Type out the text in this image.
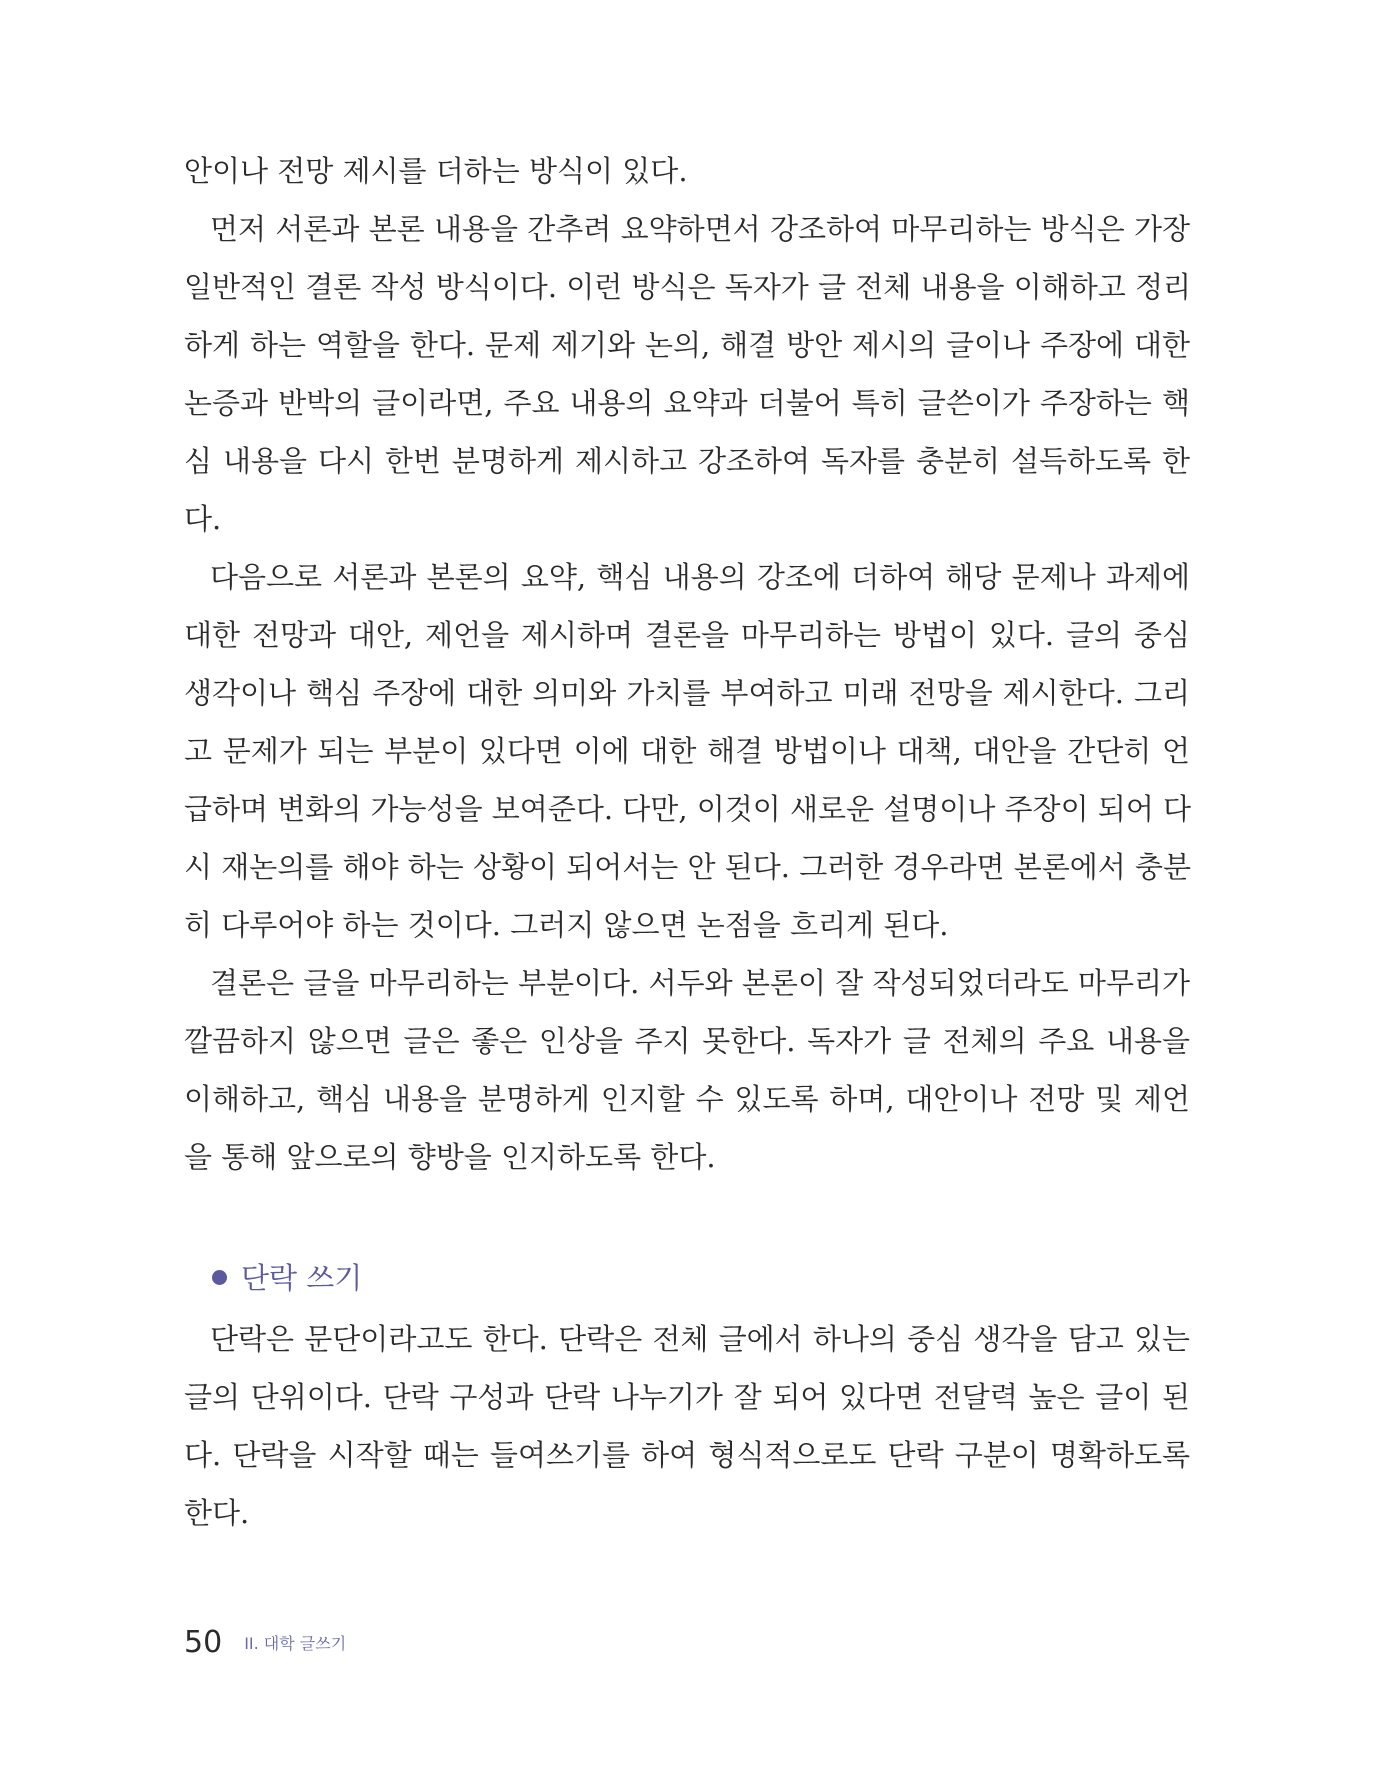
안이나 전망 제시를 더하는 방식이 있다.
먼저 서론과 본론 내용을 간추려 요약하면서 강조하여 마무리하는 방식은 가장
일반적인 결론 작성 방식이다. 이런 방식은 독자가 글 전체 내용을 이해하고 정리
하게 하는 역할을 한다. 문제 제기와 논의, 해결 방안 제시의 글이나 주장에 대한
논증과 반박의 글이라면, 주요 내용의 요약과 더불어 특히 글쓴이가 주장하는 핵
심 내용을 다시 한번 분명하게 제시하고 강조하여 독자를 충분히 설득하도록 한
다.
다음으로 서론과 본론의 요약, 핵심 내용의 강조에 더하여 해당 문제나 과제에
대한 전망과 대안, 제언을 제시하며 결론을 마무리하는 방법이 있다. 글의 중심
생각이나 핵심 주장에 대한 의미와 가치를 부여하고 미래 전망을 제시한다. 그리
고 문제가 되는 부분이 있다면 이에 대한 해결 방법이나 대책, 대안을 간단히 언
급하며 변화의 가능성을 보여준다. 다만, 이것이 새로운 설명이나 주장이 되어 다
시 재논의를 해야 하는 상황이 되어서는 안 된다. 그러한 경우라면 본론에서 충분
히 다루어야 하는 것이다. 그러지 않으면 논점을 흐리게 된다.
결론은 글을 마무리하는 부분이다. 서두와 본론이 잘 작성되었더라도 마무리가
깔끔하지 않으면 글은 좋은 인상을 주지 못한다. 독자가 글 전체의 주요 내용을
이해하고, 핵심 내용을 분명하게 인지할 수 있도록 하며, 대안이나 전망 및 제언
을 통해 앞으로의 향방을 인지하도록 한다.
단락 쓰기
단락은 문단이라고도 한다. 단락은 전체 글에서 하나의 중심 생각을 담고 있는
글의 단위이다. 단락 구성과 단락 나누기가 잘 되어 있다면 전달력 높은 글이 된
다. 단락을 시작할 때는 들여쓰기를 하여 형식적으로도 단락 구분이 명확하도록
한다.
50 II. 대학 글쓰기
